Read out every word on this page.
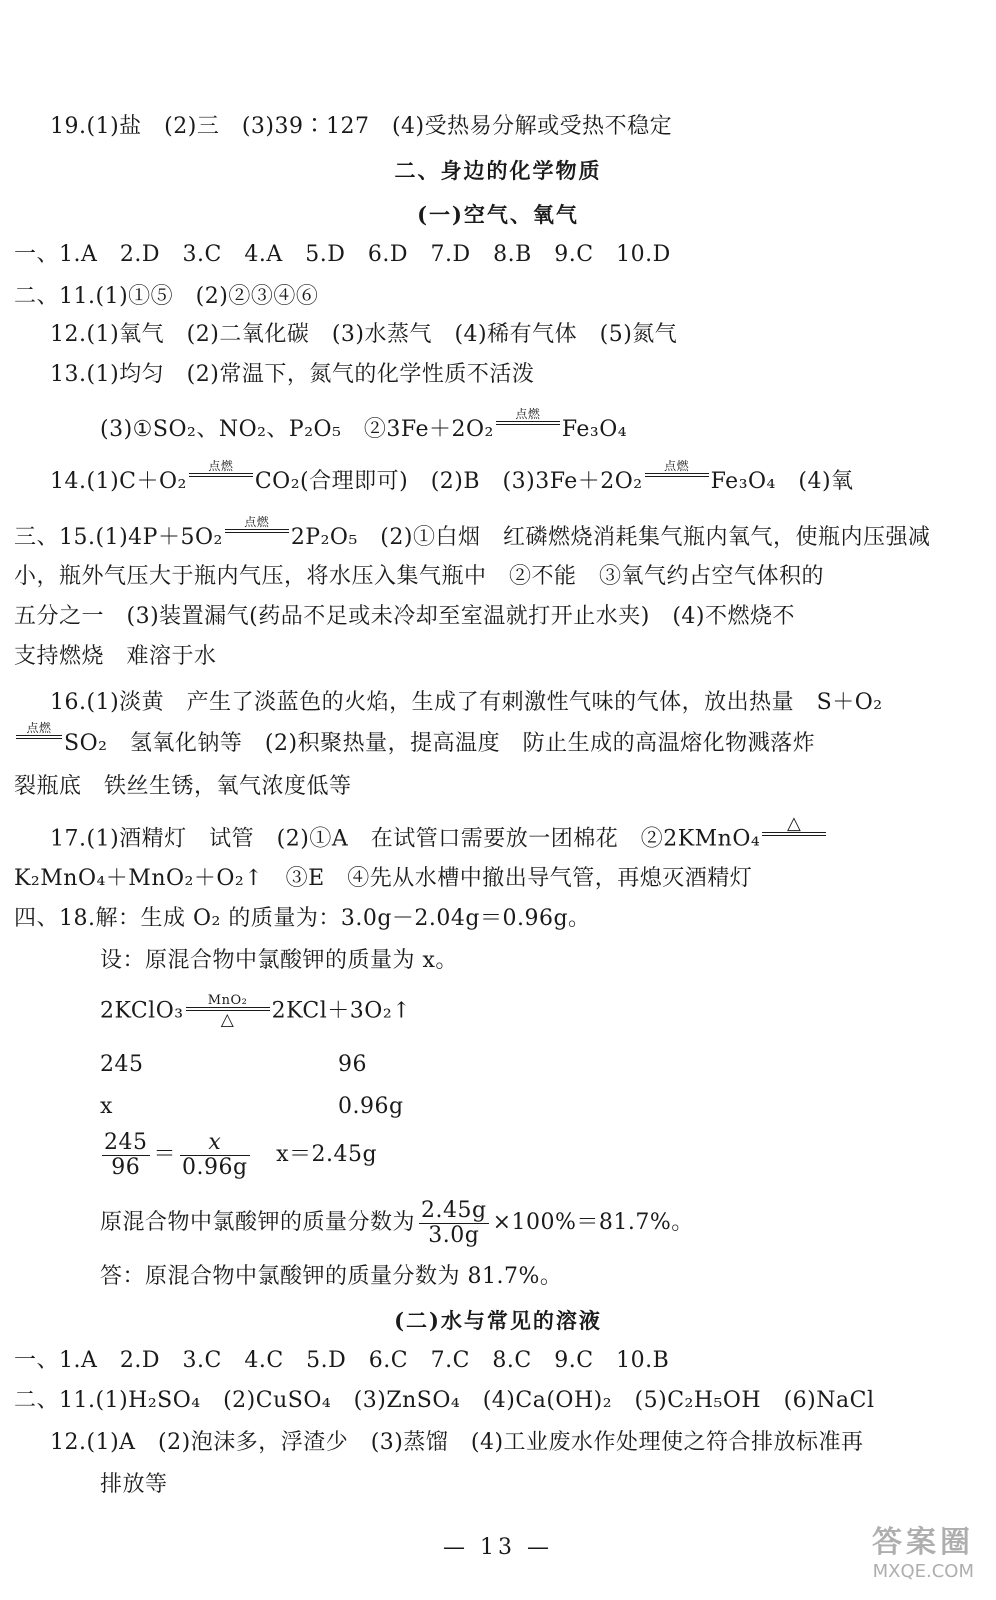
19.(1)盐　(2)三　(3)39∶127　(4)受热易分解或受热不稳定
二、身边的化学物质
(一)空气、氧气
一、1.A　2.D　3.C　4.A　5.D　6.D　7.D　8.B　9.C　10.D
二、11.(1)①⑤　(2)②③④⑥
12.(1)氧气　(2)二氧化碳　(3)水蒸气　(4)稀有气体　(5)氮气
13.(1)均匀　(2)常温下，氮气的化学性质不活泼
(3)①SO₂、NO₂、P₂O₅　②3Fe＋2O₂
点燃
Fe₃O₄
14.(1)C＋O₂
点燃
CO₂(合理即可)　(2)B　(3)3Fe＋2O₂
点燃
Fe₃O₄　(4)氧
三、15.(1)4P＋5O₂
点燃
2P₂O₅　(2)①白烟　红磷燃烧消耗集气瓶内氧气，使瓶内压强减
小，瓶外气压大于瓶内气压，将水压入集气瓶中　②不能　③氧气约占空气体积的
五分之一　(3)装置漏气(药品不足或未冷却至室温就打开止水夹)　(4)不燃烧不
支持燃烧　难溶于水
16.(1)淡黄　产生了淡蓝色的火焰，生成了有刺激性气味的气体，放出热量　S＋O₂
点燃
SO₂　氢氧化钠等　(2)积聚热量，提高温度　防止生成的高温熔化物溅落炸
裂瓶底　铁丝生锈，氧气浓度低等
17.(1)酒精灯　试管　(2)①A　在试管口需要放一团棉花　②2KMnO₄
△
K₂MnO₄＋MnO₂＋O₂↑　③E　④先从水槽中撤出导气管，再熄灭酒精灯
四、18.解：生成 O₂ 的质量为：3.0g－2.04g＝0.96g。
设：原混合物中氯酸钾的质量为 x。
2KClO₃	MnO₂
△	2KCl＋3O₂↑
245	96
x	0.96g
$\frac{245}{96} = \frac{x}{0.96g}$
　 x＝2.45g
原混合物中氯酸钾的质量分数为 $\frac{2.45g}{3.0g} \times 100\%=81.7\%$。
答：原混合物中氯酸钾的质量分数为 81.7%。
(二)水与常见的溶液
一、1.A　2.D　3.C　4.C　5.D　6.C　7.C　8.C　9.C　10.B
二、11.(1)H₂SO₄　(2)CuSO₄　(3)ZnSO₄　(4)Ca(OH)₂　(5)C₂H₅OH　(6)NaCl
12.(1)A　(2)泡沫多，浮渣少　(3)蒸馏　(4)工业废水作处理使之符合排放标准再
排放等
— 13 —	答案圈
MXQE.COM
